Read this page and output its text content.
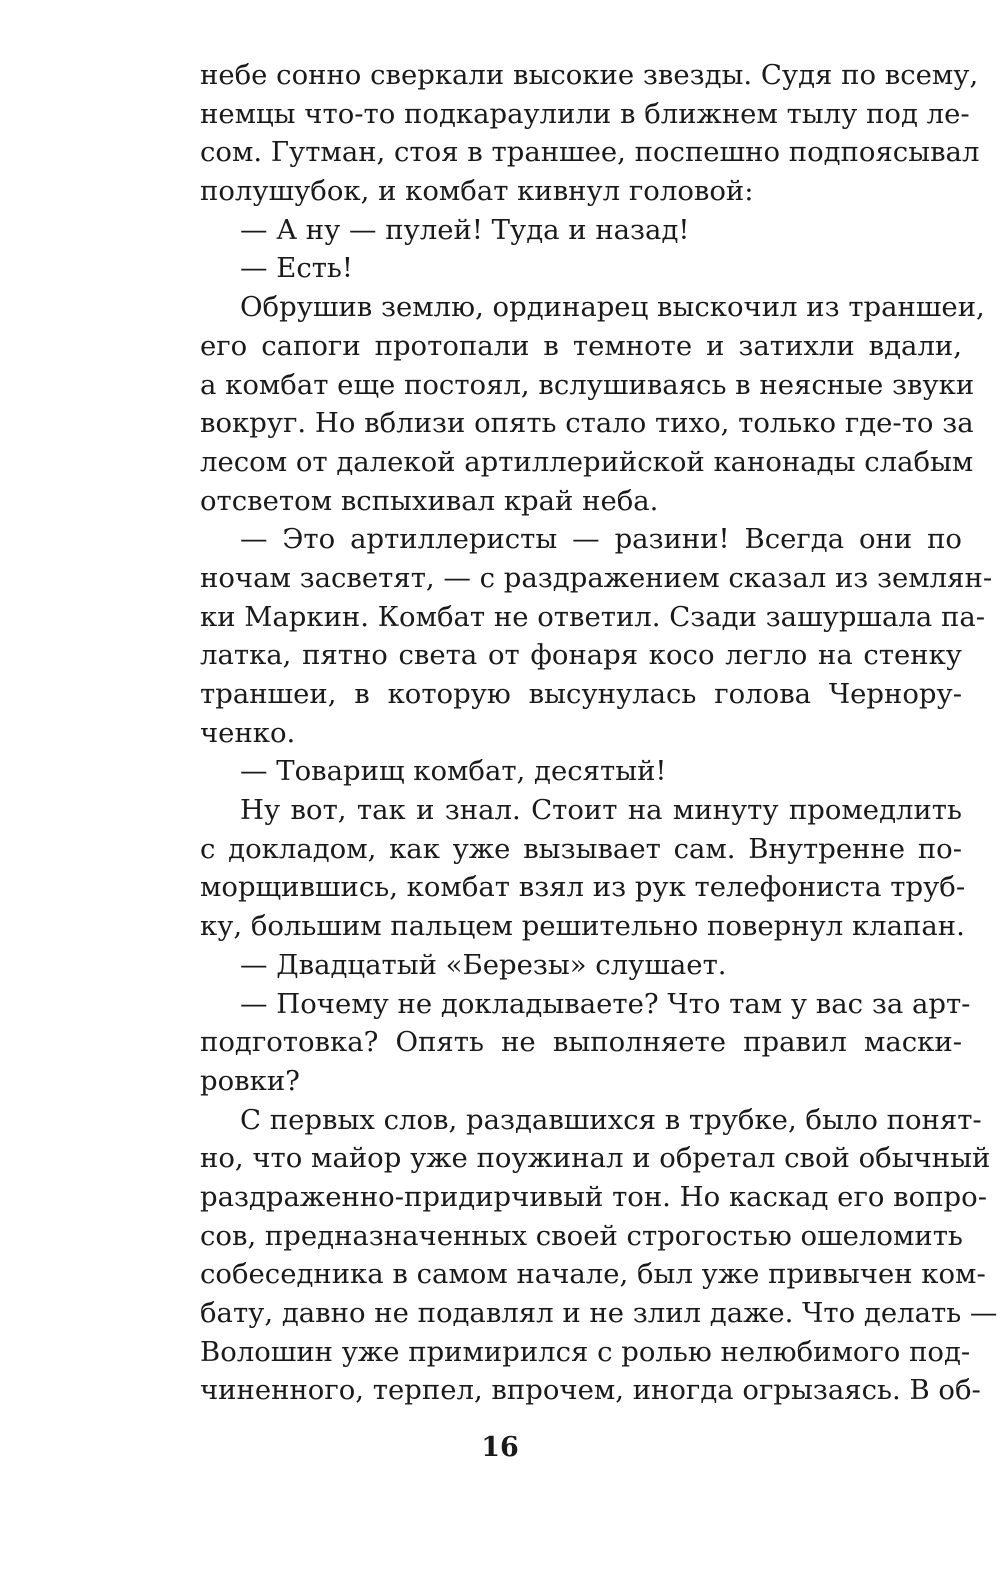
небе сонно сверкали высокие звезды. Судя по всему,
немцы что-то подкараулили в ближнем тылу под ле-
сом. Гутман, стоя в траншее, поспешно подпоясывал
полушубок, и комбат кивнул головой:
— А ну — пулей! Туда и назад!
— Есть!
Обрушив землю, ординарец выскочил из траншеи,
его сапоги протопали в темноте и затихли вдали,
а комбат еще постоял, вслушиваясь в неясные звуки
вокруг. Но вблизи опять стало тихо, только где-то за
лесом от далекой артиллерийской канонады слабым
отсветом вспыхивал край неба.
— Это артиллеристы — разини! Всегда они по
ночам засветят, — с раздражением сказал из землян-
ки Маркин. Комбат не ответил. Сзади зашуршала па-
латка, пятно света от фонаря косо легло на стенку
траншеи, в которую высунулась голова Чернору-
ченко.
— Товарищ комбат, десятый!
Ну вот, так и знал. Стоит на минуту промедлить
с докладом, как уже вызывает сам. Внутренне по-
морщившись, комбат взял из рук телефониста труб-
ку, большим пальцем решительно повернул клапан.
— Двадцатый «Березы» слушает.
— Почему не докладываете? Что там у вас за арт-
подготовка? Опять не выполняете правил маски-
ровки?
С первых слов, раздавшихся в трубке, было понят-
но, что майор уже поужинал и обретал свой обычный
раздраженно-придирчивый тон. Но каскад его вопро-
сов, предназначенных своей строгостью ошеломить
собеседника в самом начале, был уже привычен ком-
бату, давно не подавлял и не злил даже. Что делать —
Волошин уже примирился с ролью нелюбимого под-
чиненного, терпел, впрочем, иногда огрызаясь. В об-
16
